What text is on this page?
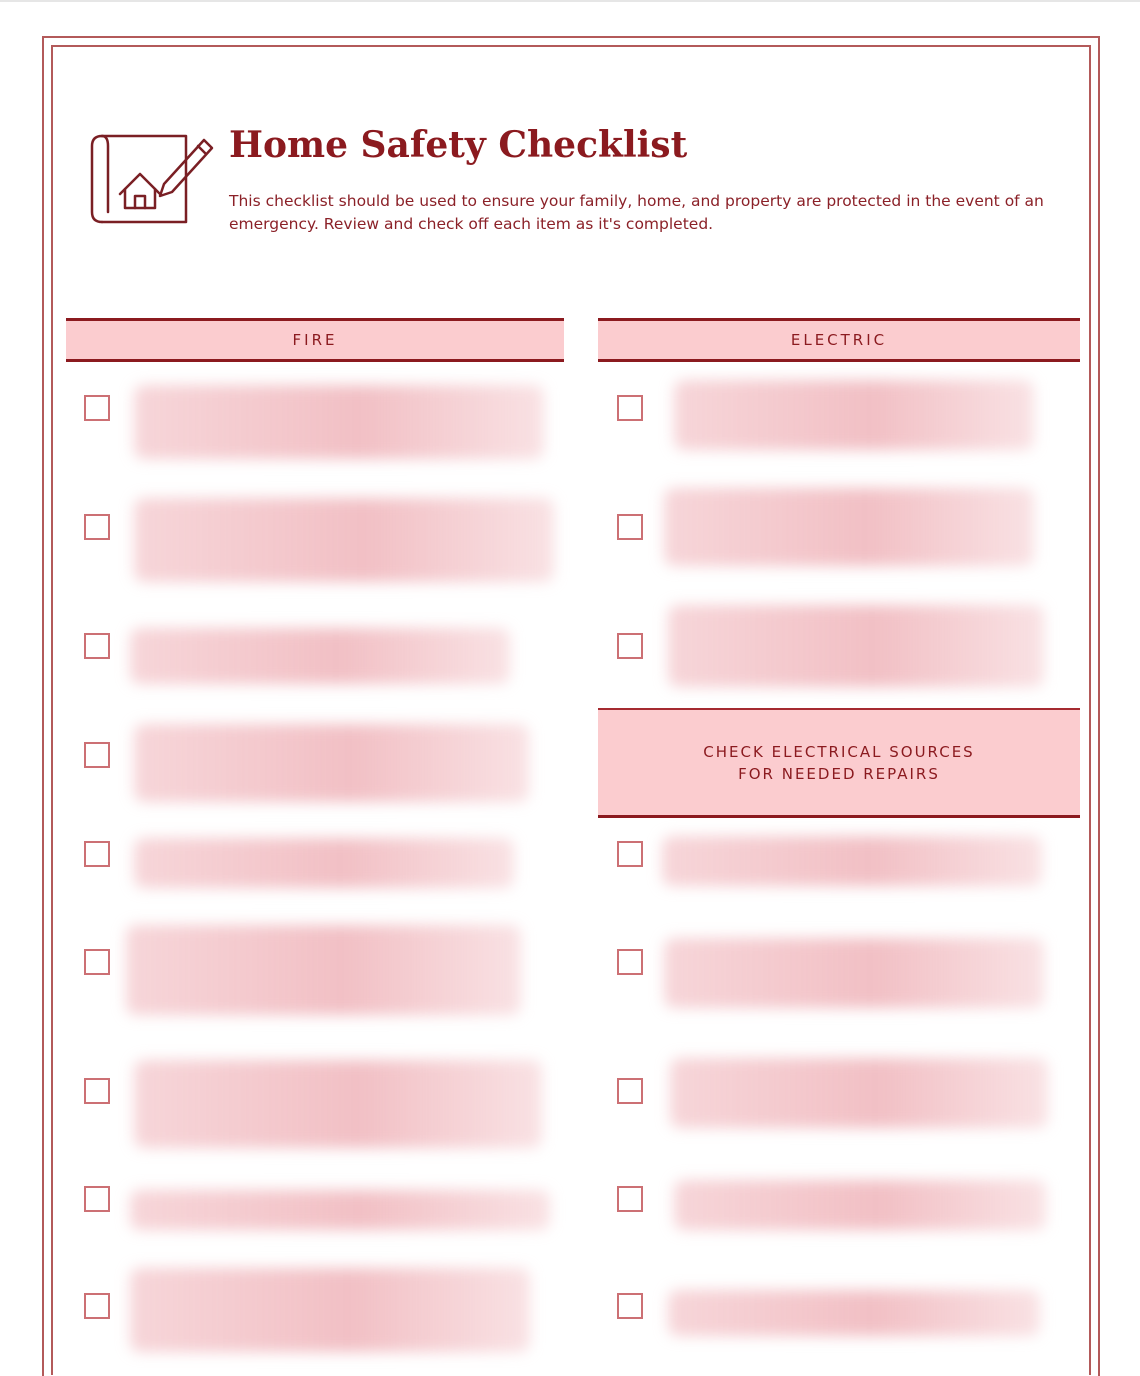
Home Safety Checklist

This checklist should be used to ensure your family, home, and property are protected in the event of an emergency. Review and check off each item as it's completed.

FIRE	ELECTRIC
CHECK ELECTRICAL SOURCES
FOR NEEDED REPAIRS
